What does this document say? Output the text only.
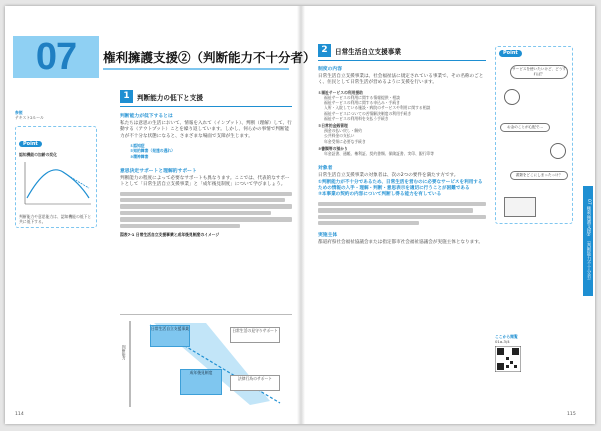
07	権利擁護支援②（判断能力不十分者）
参照
テキスト2ルール
Point
認知機能の加齢の変化
判断能力や意思能力は、認知機能の低下と共に低下する。
1	判断能力の低下と支援
判断能力が低下するとは
私たちは意思の生活において、情報を入れて（インプット）、判断（理解）して、行動する（アウトプット）ことを繰り返しています。しかし、何らかの事情で判断能力が不十分な状態になると、さまざまな場面で支障が生じます。
①認知症
②知的障害（発達の遅れ）
③精神障害
意思決定サポートと理解的サポート
判断能力の程度によって必要なサポートも異なります。ここでは、代表的なサポートとして「日常生活自立支援事業」と「成年後見制度」について学びましょう。
図表7-1 日常生活自立支援事業と成年後見制度のイメージ
判断能力
日常生活自立支援事業	日常生活の見守りサポート
成年後見制度
法律行為のサポート
114
2	日常生活自立支援事業
制度の内容
日常生活自立支援事業は、社会福祉法に規定されている事業で、その名称のごとく、住民として日常生活が営めるように支援を行います。
①福祉サービスの利用援助
福祉サービスの利用に関する情報提供・相談
福祉サービスの利用に関する申込み・手続き
入所・入院している施設・病院のサービスや利用に関する相談
福祉サービスについての苦情解決制度の利用手続き
福祉サービスの利用料を支払う手続き
②日常的金銭管理
預金の払い戻し・解約
公共料金の支払い
年金受領に必要な手続き
③書類等の預かり
年金証書、通帳、権利証、契約書類、保険証書、実印、銀行印等
対象者
日常生活自立支援事業の対象者は、次の2つの要件を満たす方です。
①判断能力が不十分であるため、日常生活を営むのに必要なサービスを利用するための情報の入手・理解・判断・意思表示を適切に行うことが困難である
②本事業の契約の内容について判断し得る能力を有している
実施主体
都道府県社会福祉協議会または指定都市社会福祉協議会が実施主体となります。
Point
サービスを使いたいけど、どうすれば？
お金のことが心配で…
書類をどこにしまったっけ？
ここから閲覧
01a-3/4
07 権利擁護支援②（判断能力不十分者）
115
